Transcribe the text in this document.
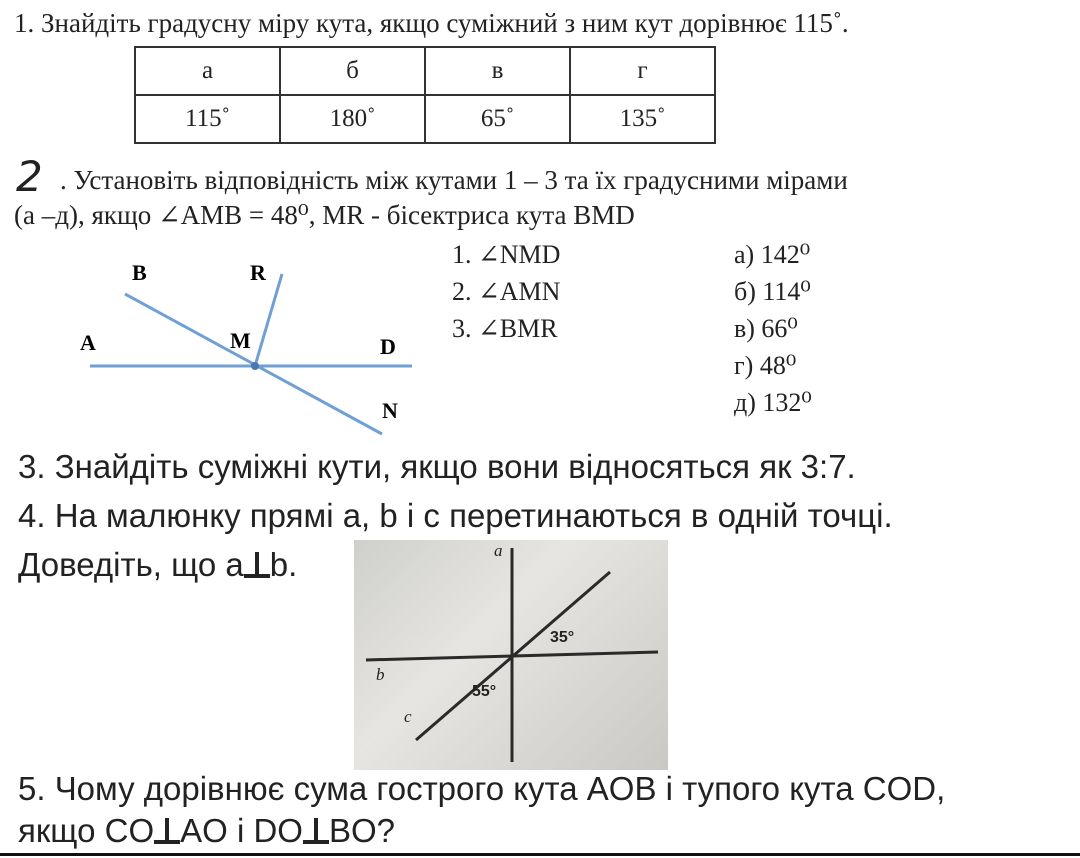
1. Знайдіть градусну міру кута, якщо суміжний з ним кут дорівнює 115˚.
а	б	в	г
115˚	180˚	65˚	135˚
2 . Установіть відповідність між кутами 1 – 3 та їх градусними мірами
(а –д), якщо ∠AMB = 48⁰, MR - бісектриса кута BMD
B	R
A	M	D
N
1. ∠NMD
2. ∠AMN
3. ∠BMR
а) 142⁰
б) 114⁰
в) 66⁰
г) 48⁰
д) 132⁰
3. Знайдіть суміжні кути, якщо вони відносяться як 3:7.
4. На малюнку прямі a, b і c перетинаються в одній точці.
Доведіть, що a b.	a
b
c
35°
55°
5. Чому дорівнює сума гострого кута AOB і тупого кута COD,
якщо CO AO і DO BO?
